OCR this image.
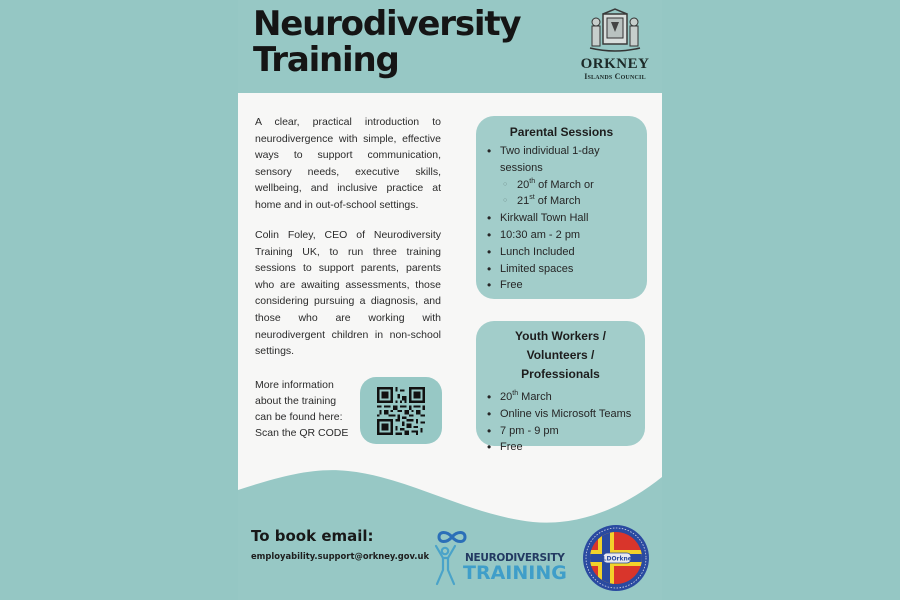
Neurodiversity
Training	ORKNEY
Islands Council

A clear, practical introduction to neurodivergence with simple, effective ways to support communication, sensory needs, executive skills, wellbeing, and inclusive practice at home and in out-of-school settings.

Colin Foley, CEO of Neurodiversity Training UK, to run three training sessions to support parents, parents who are awaiting assessments, those considering pursuing a diagnosis, and those who are working with neurodivergent children in non-school settings.

More information
about the training
can be found here:
Scan the QR CODE
Parental Sessions
• Two individual 1-day sessions
○ 20th of March or
○ 21st of March
• Kirkwall Town Hall
• 10:30 am - 2 pm
• Lunch Included
• Limited spaces
• Free
Youth Workers /
Volunteers / Professionals
• 20th March
• Online vis Microsoft Teams
• 7 pm - 9 pm
• Free
To book email:
employability.support@orkney.gov.uk	NEURODIVERSITY
TRAINING
CLDOrkney
